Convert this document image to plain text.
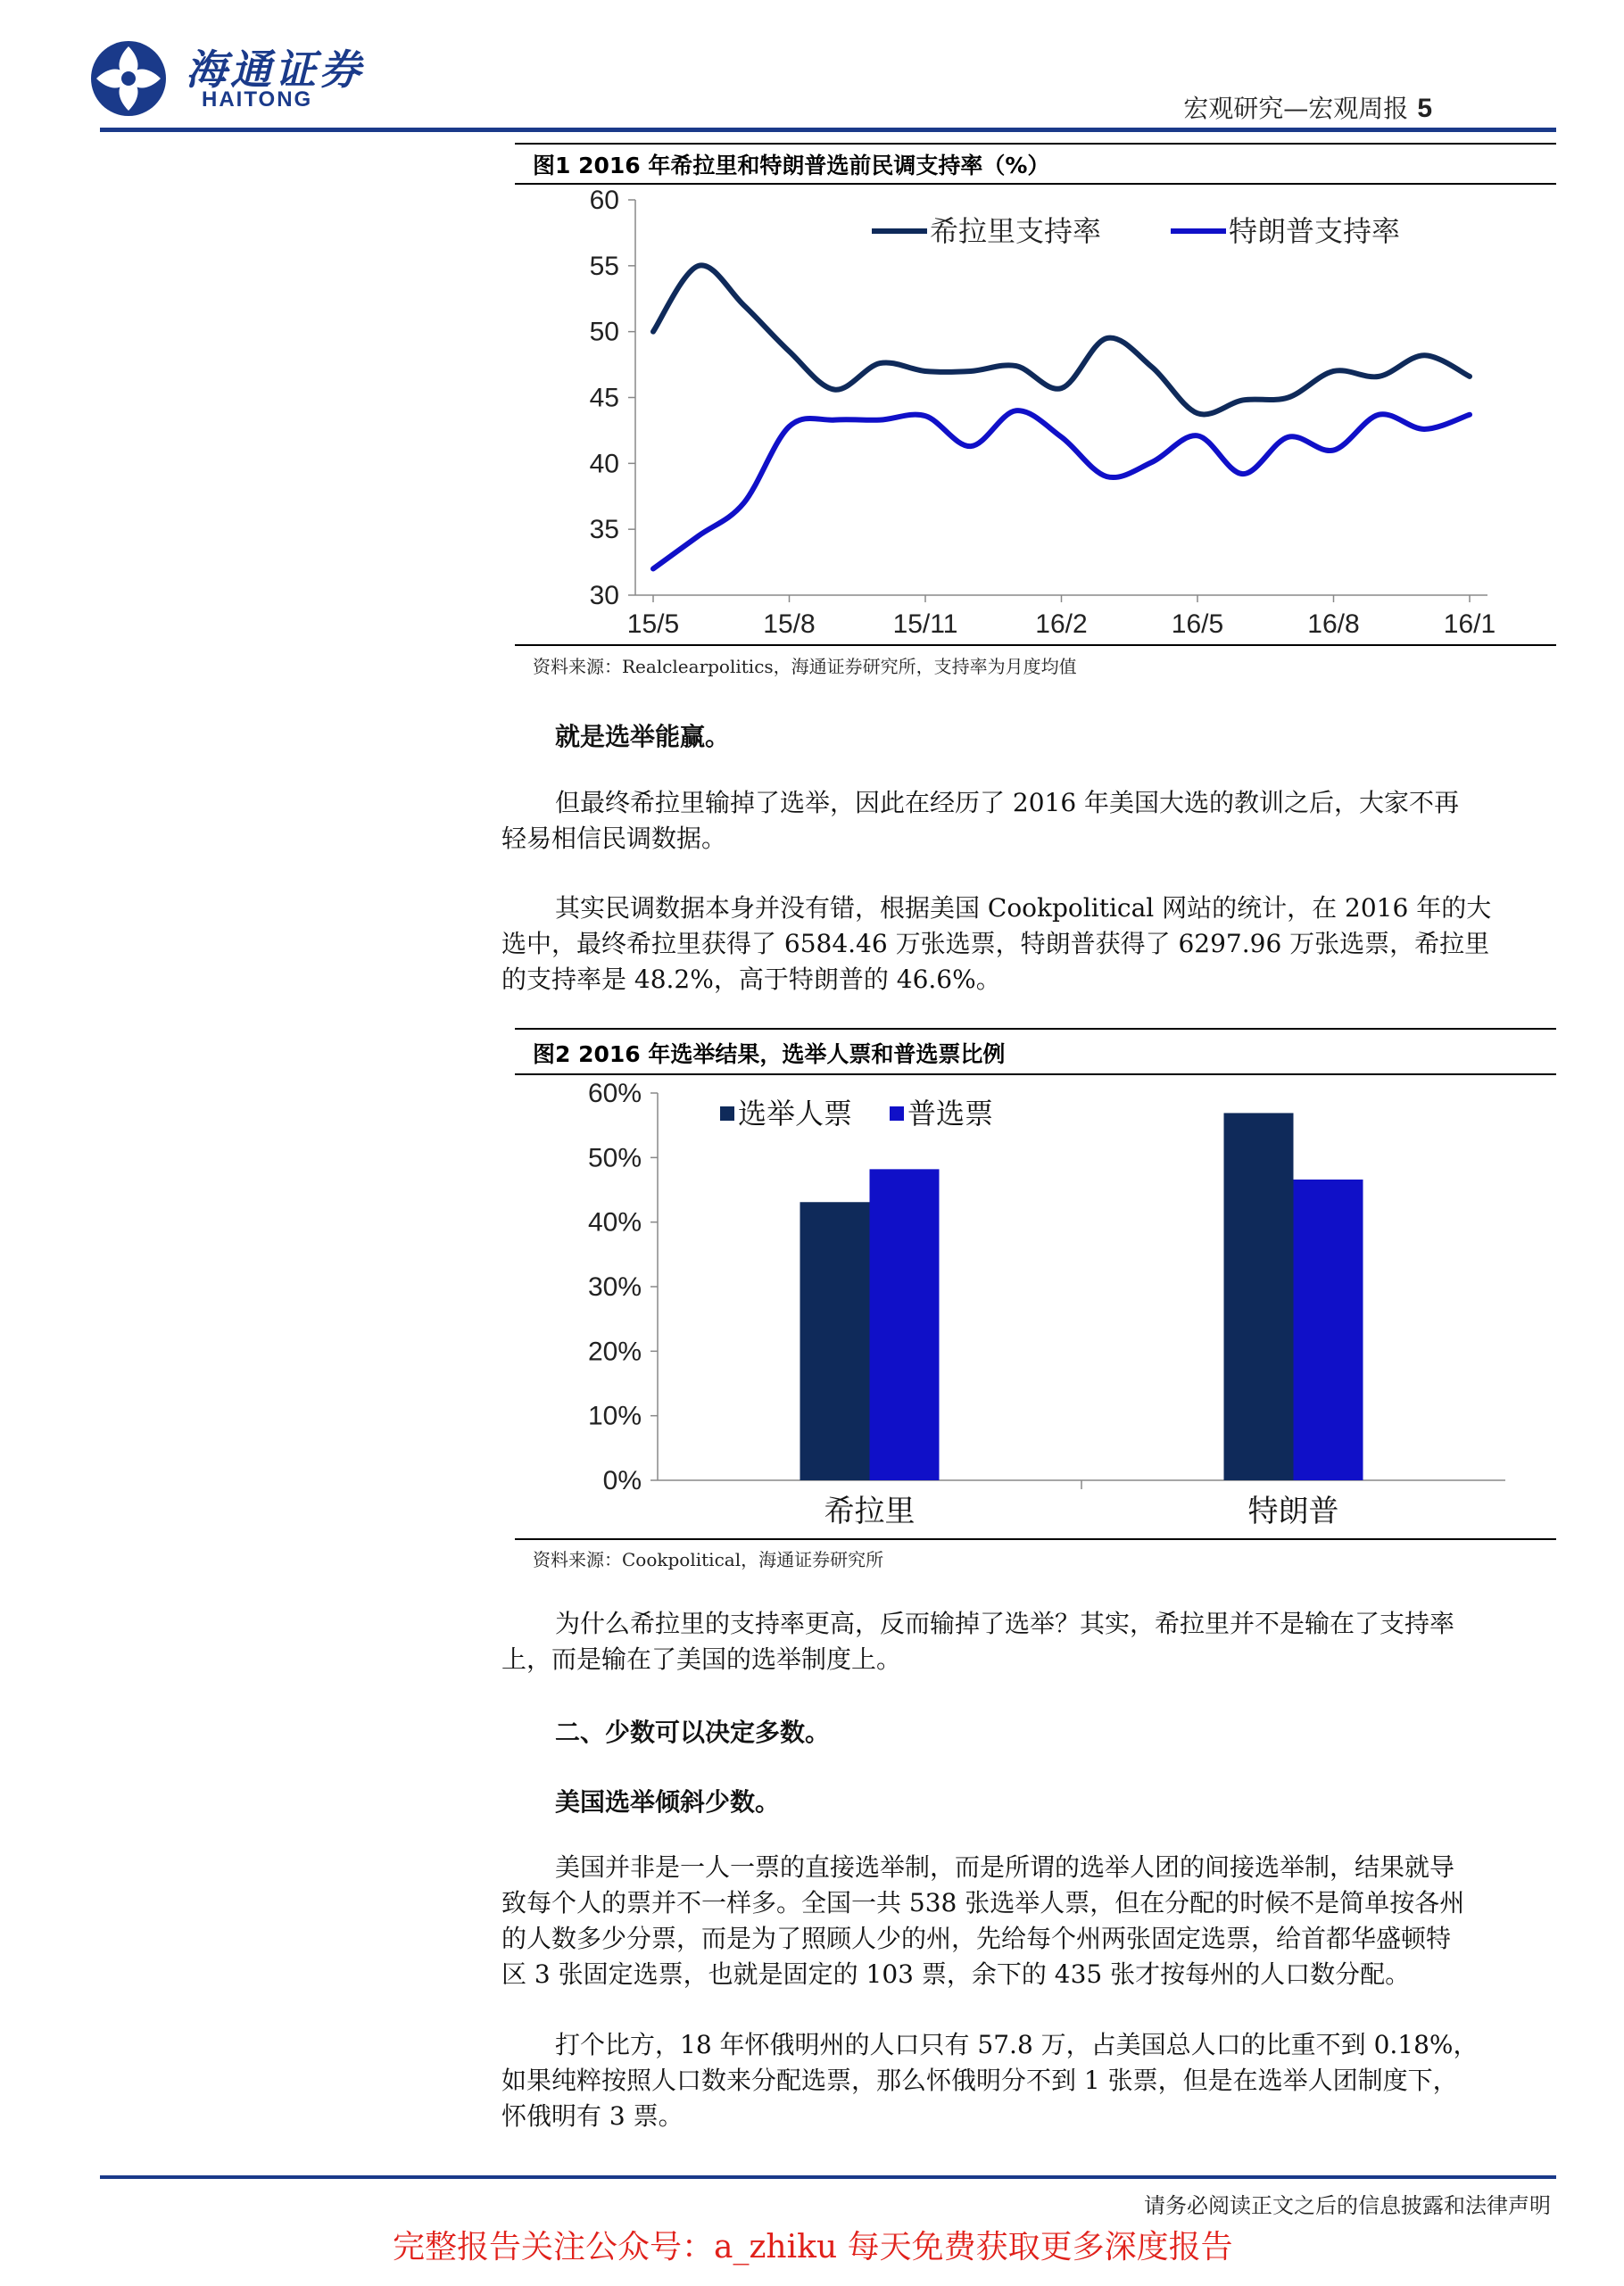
海通证券
HAITONG	宏观研究—宏观周报 5
图1 2016 年希拉里和特朗普选前民调支持率（%）
30
35
40
45
50
55
60
15/5	15/8	15/11	16/2	16/5	16/8	16/1
希拉里支持率	特朗普支持率
资料来源：Realclearpolitics，海通证券研究所，支持率为月度均值
就是选举能赢。
但最终希拉里输掉了选举，因此在经历了 2016 年美国大选的教训之后，大家不再
轻易相信民调数据。
其实民调数据本身并没有错，根据美国 Cookpolitical 网站的统计，在 2016 年的大
选中，最终希拉里获得了 6584.46 万张选票，特朗普获得了 6297.96 万张选票，希拉里
的支持率是 48.2%，高于特朗普的 46.6%。
图2 2016 年选举结果，选举人票和普选票比例
0%
10%
20%
30%
40%
50%
60%
希拉里	特朗普
选举人票 普选票
资料来源：Cookpolitical，海通证券研究所
为什么希拉里的支持率更高，反而输掉了选举？其实，希拉里并不是输在了支持率
上，而是输在了美国的选举制度上。
二、少数可以决定多数。
美国选举倾斜少数。
美国并非是一人一票的直接选举制，而是所谓的选举人团的间接选举制，结果就导
致每个人的票并不一样多。全国一共 538 张选举人票，但在分配的时候不是简单按各州
的人数多少分票，而是为了照顾人少的州，先给每个州两张固定选票，给首都华盛顿特
区 3 张固定选票，也就是固定的 103 票，余下的 435 张才按每州的人口数分配。
打个比方，18 年怀俄明州的人口只有 57.8 万，占美国总人口的比重不到 0.18%，
如果纯粹按照人口数来分配选票，那么怀俄明分不到 1 张票，但是在选举人团制度下，
怀俄明有 3 票。
请务必阅读正文之后的信息披露和法律声明
完整报告关注公众号：a_zhiku 每天免费获取更多深度报告
